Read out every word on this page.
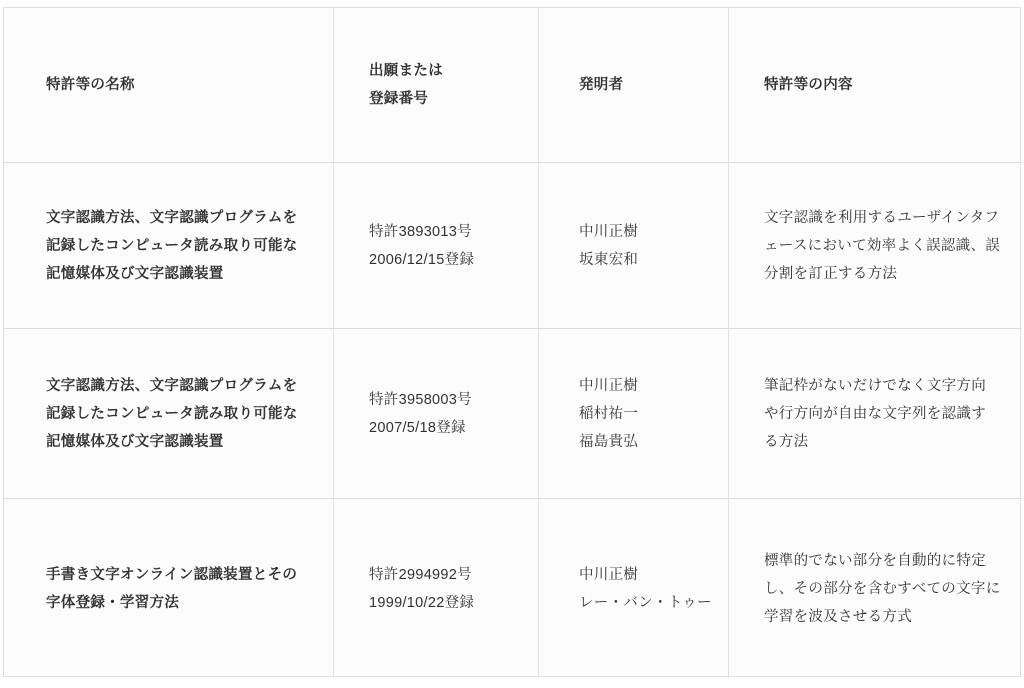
特許等の名称

出願または

登録番号

発明者	特許等の内容

文字認識方法、文字認識プログラムを

記録したコンピュータ読み取り可能な

記憶媒体及び文字認識装置

特許3893013号

2006/12/15登録

中川正樹

坂東宏和

文字認識を利用するユーザインタフ

ェースにおいて効率よく誤認識、誤

分割を訂正する方法

文字認識方法、文字認識プログラムを

記録したコンピュータ読み取り可能な

記憶媒体及び文字認識装置

特許3958003号

2007/5/18登録

中川正樹

稲村祐一

福島貴弘

筆記枠がないだけでなく文字方向

や行方向が自由な文字列を認識す

る方法

手書き文字オンライン認識装置とその

字体登録・学習方法

特許2994992号

1999/10/22登録

中川正樹

レー・バン・トゥー

標準的でない部分を自動的に特定

し、その部分を含むすべての文字に

学習を波及させる方式
